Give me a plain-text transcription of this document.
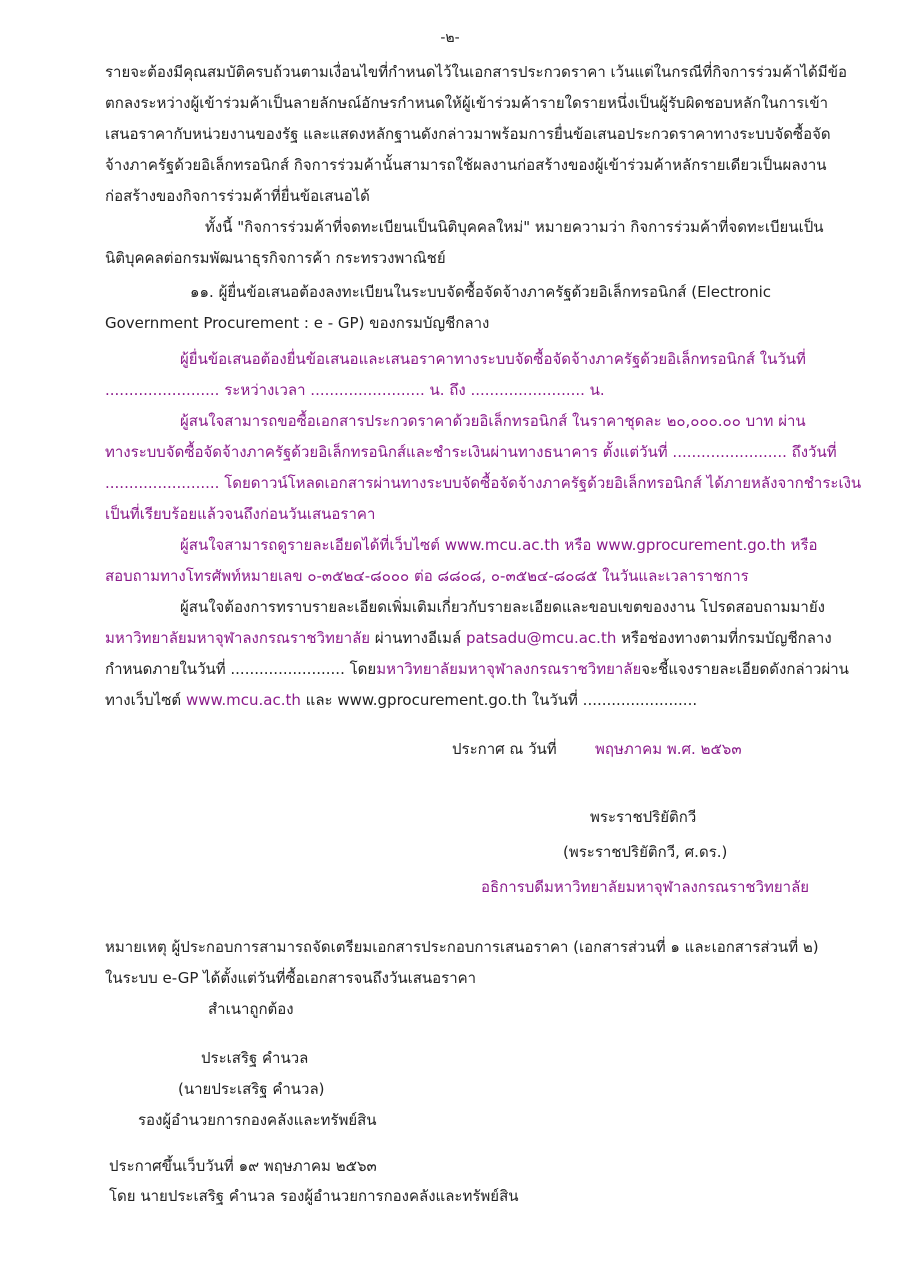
-๒-
รายจะต้องมีคุณสมบัติครบถ้วนตามเงื่อนไขที่กำหนดไว้ในเอกสารประกวดราคา เว้นแต่ในกรณีที่กิจการร่วมค้าได้มีข้อ
ตกลงระหว่างผู้เข้าร่วมค้าเป็นลายลักษณ์อักษรกำหนดให้ผู้เข้าร่วมค้ารายใดรายหนึ่งเป็นผู้รับผิดชอบหลักในการเข้า
เสนอราคากับหน่วยงานของรัฐ และแสดงหลักฐานดังกล่าวมาพร้อมการยื่นข้อเสนอประกวดราคาทางระบบจัดซื้อจัด
จ้างภาครัฐด้วยอิเล็กทรอนิกส์ กิจการร่วมค้านั้นสามารถใช้ผลงานก่อสร้างของผู้เข้าร่วมค้าหลักรายเดียวเป็นผลงาน
ก่อสร้างของกิจการร่วมค้าที่ยื่นข้อเสนอได้
ทั้งนี้ "กิจการร่วมค้าที่จดทะเบียนเป็นนิติบุคคลใหม่" หมายความว่า กิจการร่วมค้าที่จดทะเบียนเป็น
นิติบุคคลต่อกรมพัฒนาธุรกิจการค้า กระทรวงพาณิชย์
๑๑. ผู้ยื่นข้อเสนอต้องลงทะเบียนในระบบจัดซื้อจัดจ้างภาครัฐด้วยอิเล็กทรอนิกส์ (Electronic
Government Procurement : e - GP) ของกรมบัญชีกลาง
ผู้ยื่นข้อเสนอต้องยื่นข้อเสนอและเสนอราคาทางระบบจัดซื้อจัดจ้างภาครัฐด้วยอิเล็กทรอนิกส์ ในวันที่
........................ ระหว่างเวลา ........................ น. ถึง ........................ น.
ผู้สนใจสามารถขอซื้อเอกสารประกวดราคาด้วยอิเล็กทรอนิกส์ ในราคาชุดละ ๒๐,๐๐๐.๐๐ บาท ผ่าน
ทางระบบจัดซื้อจัดจ้างภาครัฐด้วยอิเล็กทรอนิกส์และชำระเงินผ่านทางธนาคาร ตั้งแต่วันที่ ........................ ถึงวันที่
........................ โดยดาวน์โหลดเอกสารผ่านทางระบบจัดซื้อจัดจ้างภาครัฐด้วยอิเล็กทรอนิกส์ ได้ภายหลังจากชำระเงิน
เป็นที่เรียบร้อยแล้วจนถึงก่อนวันเสนอราคา
ผู้สนใจสามารถดูรายละเอียดได้ที่เว็บไซต์ www.mcu.ac.th หรือ www.gprocurement.go.th หรือ
สอบถามทางโทรศัพท์หมายเลข ๐-๓๕๒๔-๘๐๐๐ ต่อ ๘๘๐๘, ๐-๓๕๒๔-๘๐๘๕ ในวันและเวลาราชการ
ผู้สนใจต้องการทราบรายละเอียดเพิ่มเติมเกี่ยวกับรายละเอียดและขอบเขตของงาน โปรดสอบถามมายัง
มหาวิทยาลัยมหาจุฬาลงกรณราชวิทยาลัย ผ่านทางอีเมล์ patsadu@mcu.ac.th หรือช่องทางตามที่กรมบัญชีกลาง
กำหนดภายในวันที่ ........................ โดยมหาวิทยาลัยมหาจุฬาลงกรณราชวิทยาลัยจะชี้แจงรายละเอียดดังกล่าวผ่าน
ทางเว็บไซต์ www.mcu.ac.th และ www.gprocurement.go.th ในวันที่ ........................
ประกาศ ณ วันที่	พฤษภาคม พ.ศ. ๒๕๖๓
พระราชปริยัติกวี
(พระราชปริยัติกวี, ศ.ดร.)
อธิการบดีมหาวิทยาลัยมหาจุฬาลงกรณราชวิทยาลัย
หมายเหตุ ผู้ประกอบการสามารถจัดเตรียมเอกสารประกอบการเสนอราคา (เอกสารส่วนที่ ๑ และเอกสารส่วนที่ ๒)
ในระบบ e-GP ได้ตั้งแต่วันที่ซื้อเอกสารจนถึงวันเสนอราคา
สำเนาถูกต้อง
ประเสริฐ คำนวล
(นายประเสริฐ คำนวล)
รองผู้อำนวยการกองคลังและทรัพย์สิน
ประกาศขึ้นเว็บวันที่ ๑๙ พฤษภาคม ๒๕๖๓
โดย นายประเสริฐ คำนวล รองผู้อำนวยการกองคลังและทรัพย์สิน
